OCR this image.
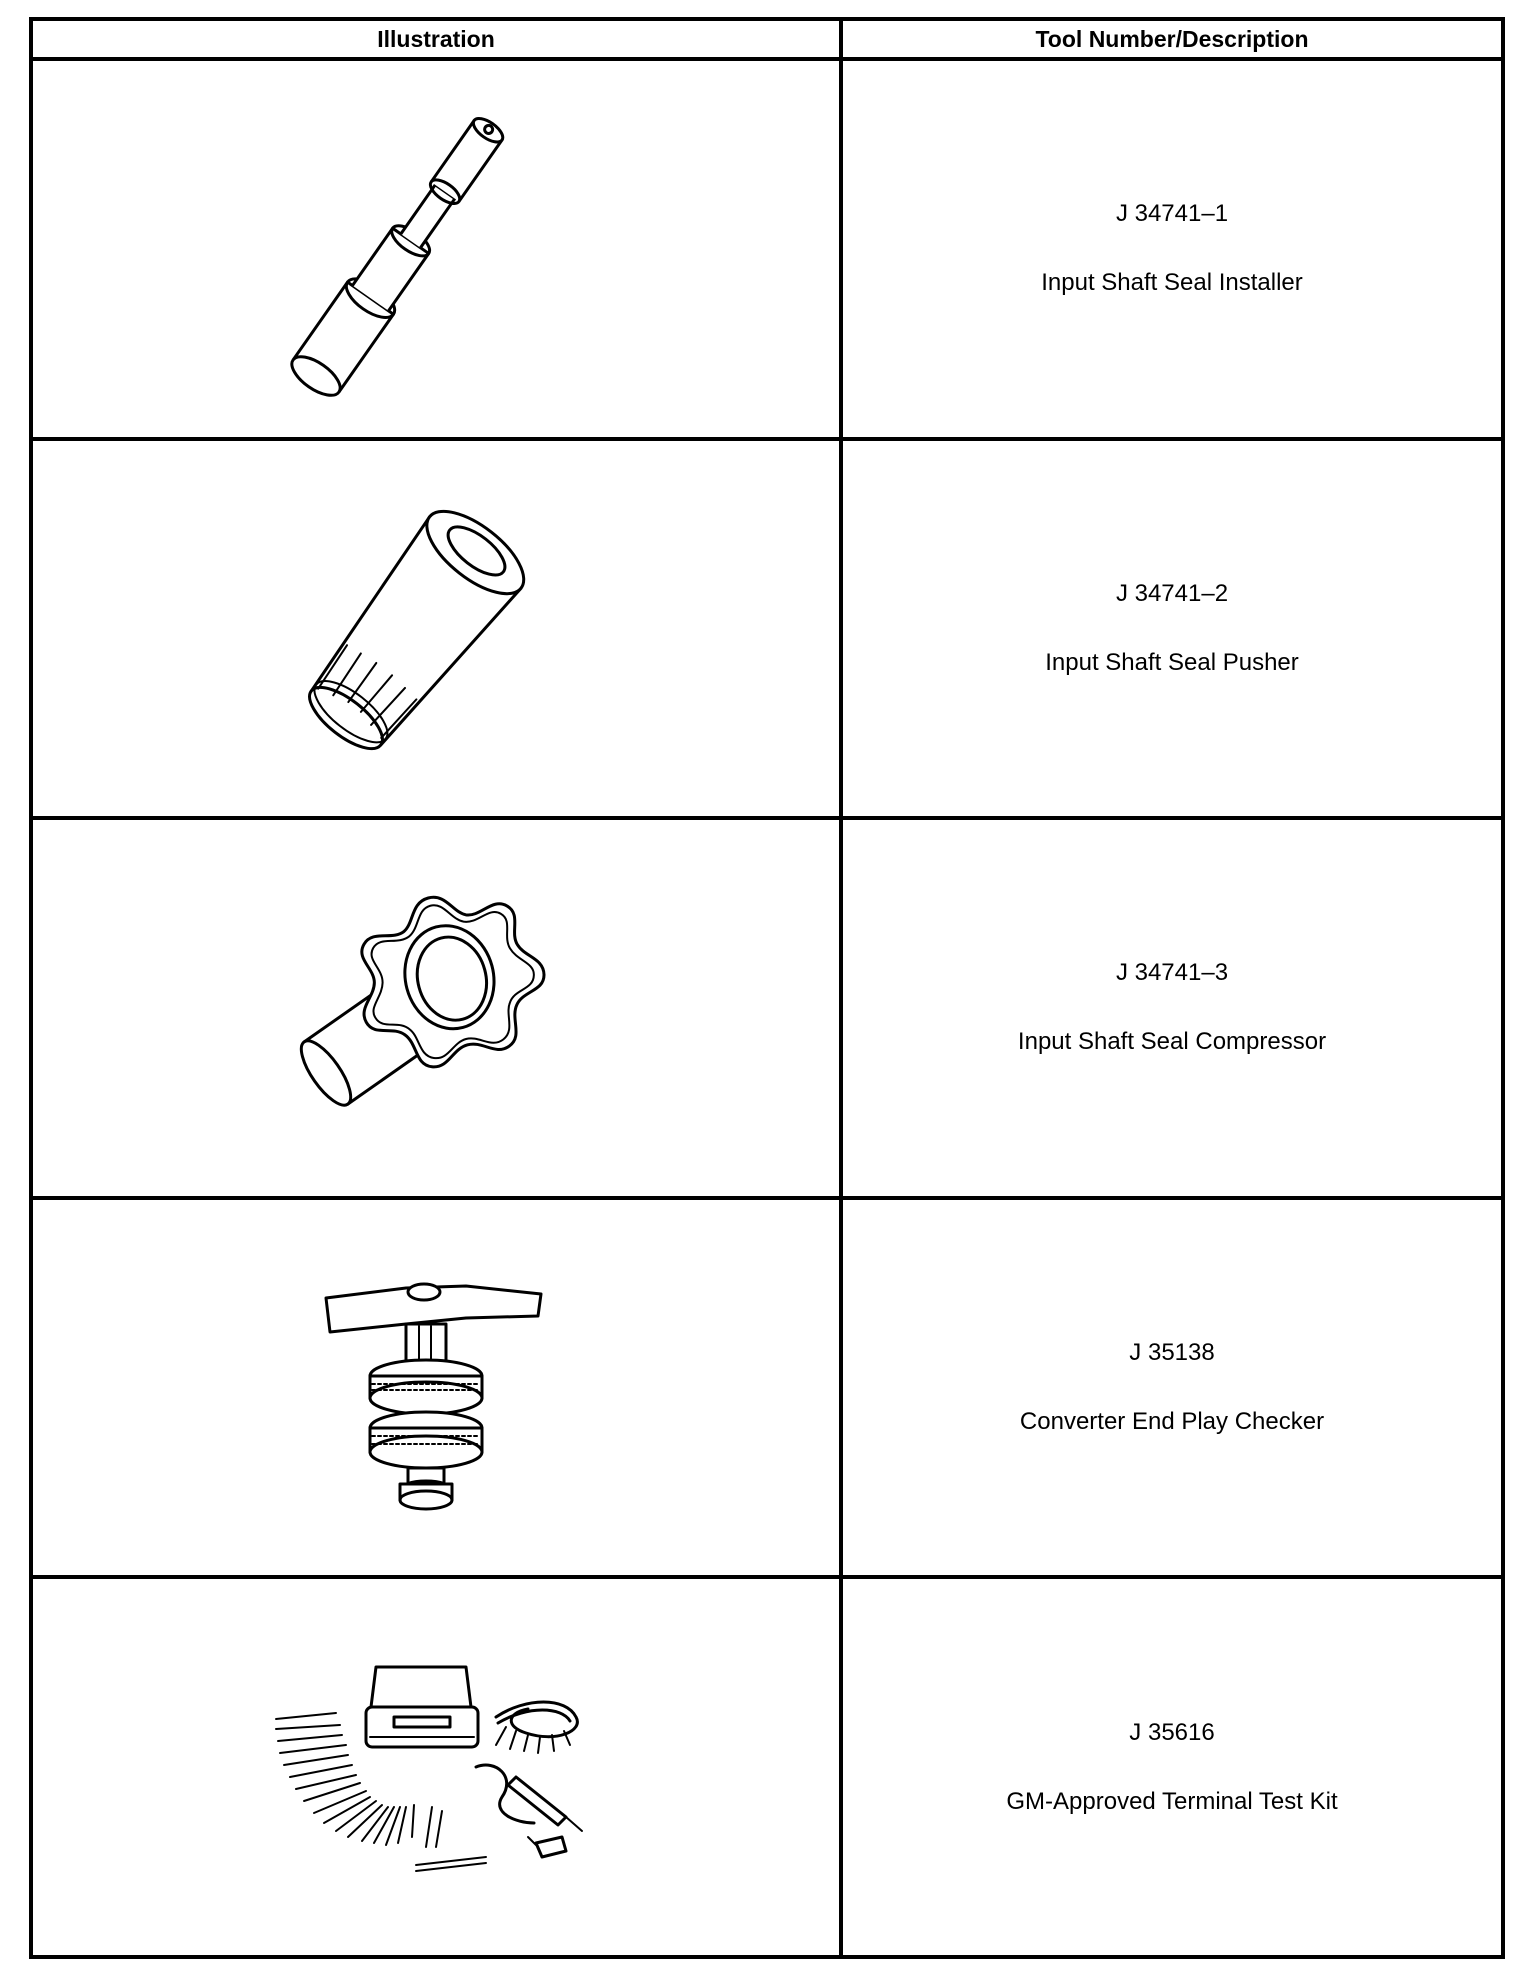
Illustration	Tool Number/Description

J 34741–1
Input Shaft Seal Installer

J 34741–2
Input Shaft Seal Pusher

J 34741–3
Input Shaft Seal Compressor

J 35138
Converter End Play Checker

J 35616
GM-Approved Terminal Test Kit
